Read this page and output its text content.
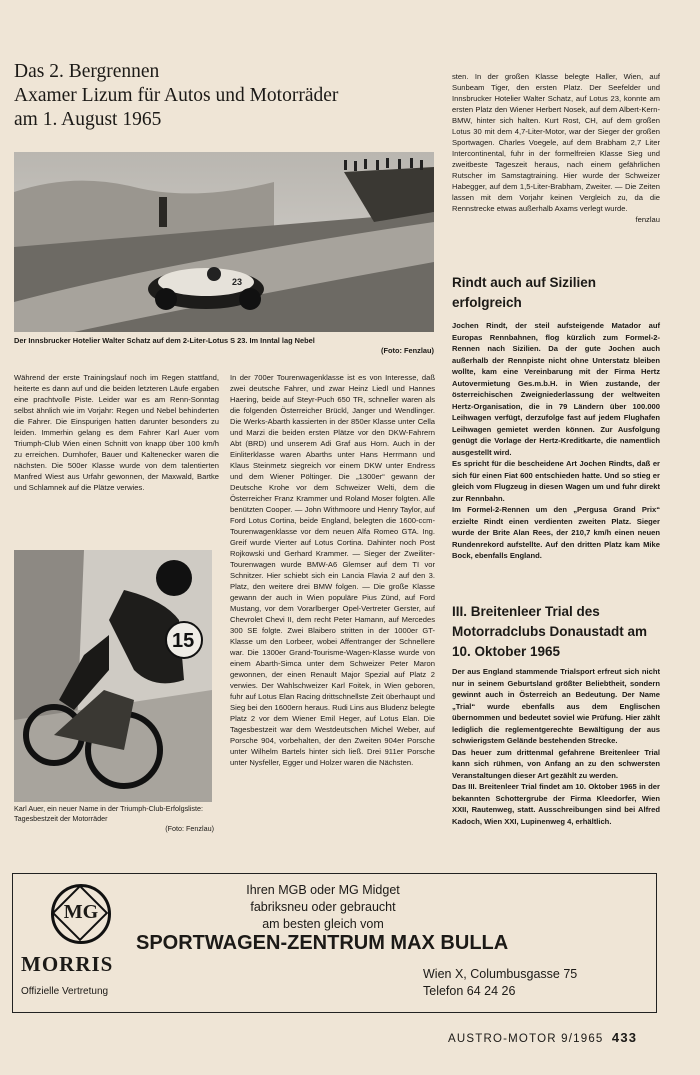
Das 2. Bergrennen
Axamer Lizum für Autos und Motorräder
am 1. August 1965
23
Der Innsbrucker Hotelier Walter Schatz auf dem 2-Liter-Lotus S 23. Im Inntal lag Nebel

(Foto: Fenzlau)
Während der erste Trainingslauf noch im Regen stattfand, heiterte es dann auf und die beiden letzteren Läufe ergaben eine prachtvolle Piste. Leider war es am Renn-Sonntag selbst ähnlich wie im Vorjahr: Regen und Nebel behinderten die Fahrer. Die Einspurigen hatten darunter besonders zu leiden. Immerhin gelang es dem Fahrer Karl Auer vom Triumph-Club Wien einen Schnitt von knapp über 100 km/h zu erreichen. Durnhofer, Bauer und Kaltenecker waren die nächsten. Die 500er Klasse wurde von dem talentierten Manfred Wiest aus Urfahr gewonnen, der Maxwald, Bartke und Schlamnek auf die Plätze verwies.
15
Karl Auer, ein neuer Name in der Triumph-Club-Erfolgsliste: Tagesbestzeit der Motorräder

(Foto: Fenzlau)
In der 700er Tourenwagenklasse ist es von Interesse, daß zwei deutsche Fahrer, und zwar Heinz Liedl und Hannes Haering, beide auf Steyr-Puch 650 TR, schneller waren als die folgenden Österreicher Brückl, Janger und Wendlinger. Die Werks-Abarth kassierten in der 850er Klasse unter Cella und Marzi die beiden ersten Plätze vor den DKW-Fahrern Abt (BRD) und unserem Adi Graf aus Horn. Auch in der Einliterklasse waren Abarths unter Hans Herrmann und Klaus Steinmetz siegreich vor einem DKW unter Endress und dem Wiener Pöltinger. Die „1300er“ gewann der Deutsche Krohe vor dem Schweizer Welti, dem die Österreicher Franz Krammer und Roland Moser folgten. Alle benützten Cooper. — John Withmoore und Henry Taylor, auf Ford Lotus Cortina, beide England, belegten die 1600-ccm-Tourenwagenklasse vor dem neuen Alfa Romeo GTA. Ing. Greif wurde Vierter auf Lotus Cortina. Dahinter noch Post Rojkowski und Gerhard Krammer. — Sieger der Zweiliter-Tourenwagen wurde BMW-A6 Glemser auf dem TI vor Schnitzer. Hier schiebt sich ein Lancia Flavia 2 auf den 3. Platz, den weitere drei BMW folgen. — Die große Klasse gewann der auch in Wien populäre Pius Zünd, auf Ford Mustang, vor dem Vorarlberger Opel-Vertreter Gerster, auf Chevrolet Chevi II, dem recht Peter Hamann, auf Mercedes 300 SE folgte. Zwei Blaibero stritten in der 1000er GT-Klasse um den Lorbeer, wobei Affentranger der Schnellere war. Die 1300er Grand-Tourisme-Wagen-Klasse wurde von einem Abarth-Simca unter dem Schweizer Peter Maron gewonnen, der einen Renault Major Spezial auf Platz 2 verwies. Der Wahlschweizer Karl Foitek, in Wien geboren, fuhr auf Lotus Elan Racing drittschnellste Zeit überhaupt und Sieg bei den 1600ern heraus. Rudi Lins aus Bludenz belegte Platz 2 vor dem Wiener Emil Heger, auf Lotus Elan. Die Tagesbestzeit war dem Westdeutschen Michel Weber, auf Porsche 904, vorbehalten, der den Zweiten 904er Porsche unter Wilhelm Bartels hinter sich ließ. Drei 911er Porsche unter Nysfeller, Egger und Holzer waren die Nächsten.

sten. In der großen Klasse belegte Haller, Wien, auf Sunbeam Tiger, den ersten Platz. Der Seefelder und Innsbrucker Hotelier Walter Schatz, auf Lotus 23, konnte am ersten Platz den Wiener Herbert Nosek, auf dem Albert-Kern-BMW, hinter sich halten. Kurt Rost, CH, auf dem großen Lotus 30 mit dem 4,7-Liter-Motor, war der Sieger der großen Sportwagen. Charles Voegele, auf dem Brabham 2,7 Liter Intercontinental, fuhr in der formelfreien Klasse Sieg und zweitbeste Tageszeit heraus, nach einem gefährlichen Rutscher im Samstagtraining. Hier wurde der Schweizer Habegger, auf dem 1,5-Liter-Brabham, Zweiter. — Die Zeiten lassen mit dem Vorjahr keinen Vergleich zu, da die Rennstrecke etwas außerhalb Axams verlegt wurde.

fenzlau

Rindt auch auf Sizilien erfolgreich
Jochen Rindt, der steil aufsteigende Matador auf Europas Rennbahnen, flog kürzlich zum Formel-2-Rennen nach Sizilien. Da der gute Jochen auch außerhalb der Rennpiste nicht ohne Unterstatz bleiben wollte, kam eine Vereinbarung mit der Firma Hertz Autovermietung Ges.m.b.H. in Wien zustande, der österreichischen Zweigniederlassung der weltweiten Hertz-Organisation, die in 79 Ländern über 100.000 Leihwagen verfügt, derzufolge fast auf jedem Flughafen Leihwagen gemietet werden können. Zur Ausfolgung genügt die Vorlage der Hertz-Kreditkarte, die namentlich ausgestellt wird.
Es spricht für die bescheidene Art Jochen Rindts, daß er sich für einen Fiat 600 entschieden hatte. Und so stieg er gleich vom Flugzeug in diesen Wagen um und fuhr direkt zur Rennbahn.
Im Formel-2-Rennen um den „Pergusa Grand Prix“ erzielte Rindt einen verdienten zweiten Platz. Sieger wurde der Brite Alan Rees, der 210,7 km/h einen neuen Rundenrekord aufstellte. Auf den dritten Platz kam Mike Bock, ebenfalls England.
III. Breitenleer Trial des Motorradclubs Donaustadt am 10. Oktober 1965
Der aus England stammende Trialsport erfreut sich nicht nur in seinem Geburtsland größter Beliebtheit, sondern gewinnt auch in Österreich an Bedeutung. Der Name „Trial“ wurde ebenfalls aus dem Englischen übernommen und bedeutet soviel wie Prüfung. Hier zählt lediglich die reglementgerechte Bewältigung der aus schwierigstem Gelände bestehenden Strecke.
Das heuer zum drittenmal gefahrene Breitenleer Trial kann sich rühmen, von Anfang an zu den schwersten Veranstaltungen dieser Art gezählt zu werden.
Das III. Breitenleer Trial findet am 10. Oktober 1965 in der bekannten Schottergrube der Firma Kleedorfer, Wien XXII, Rautenweg, statt. Ausschreibungen sind bei Alfred Kadoch, Wien XXI, Lupinenweg 4, erhältlich.
MG
MORRIS
Offizielle Vertretung
Ihren MGB oder MG Midget
fabriksneu oder gebraucht
am besten gleich vom
SPORTWAGEN-ZENTRUM MAX BULLA
Wien X, Columbusgasse 75
Telefon 64 24 26
AUSTRO-MOTOR 9/1965 433
